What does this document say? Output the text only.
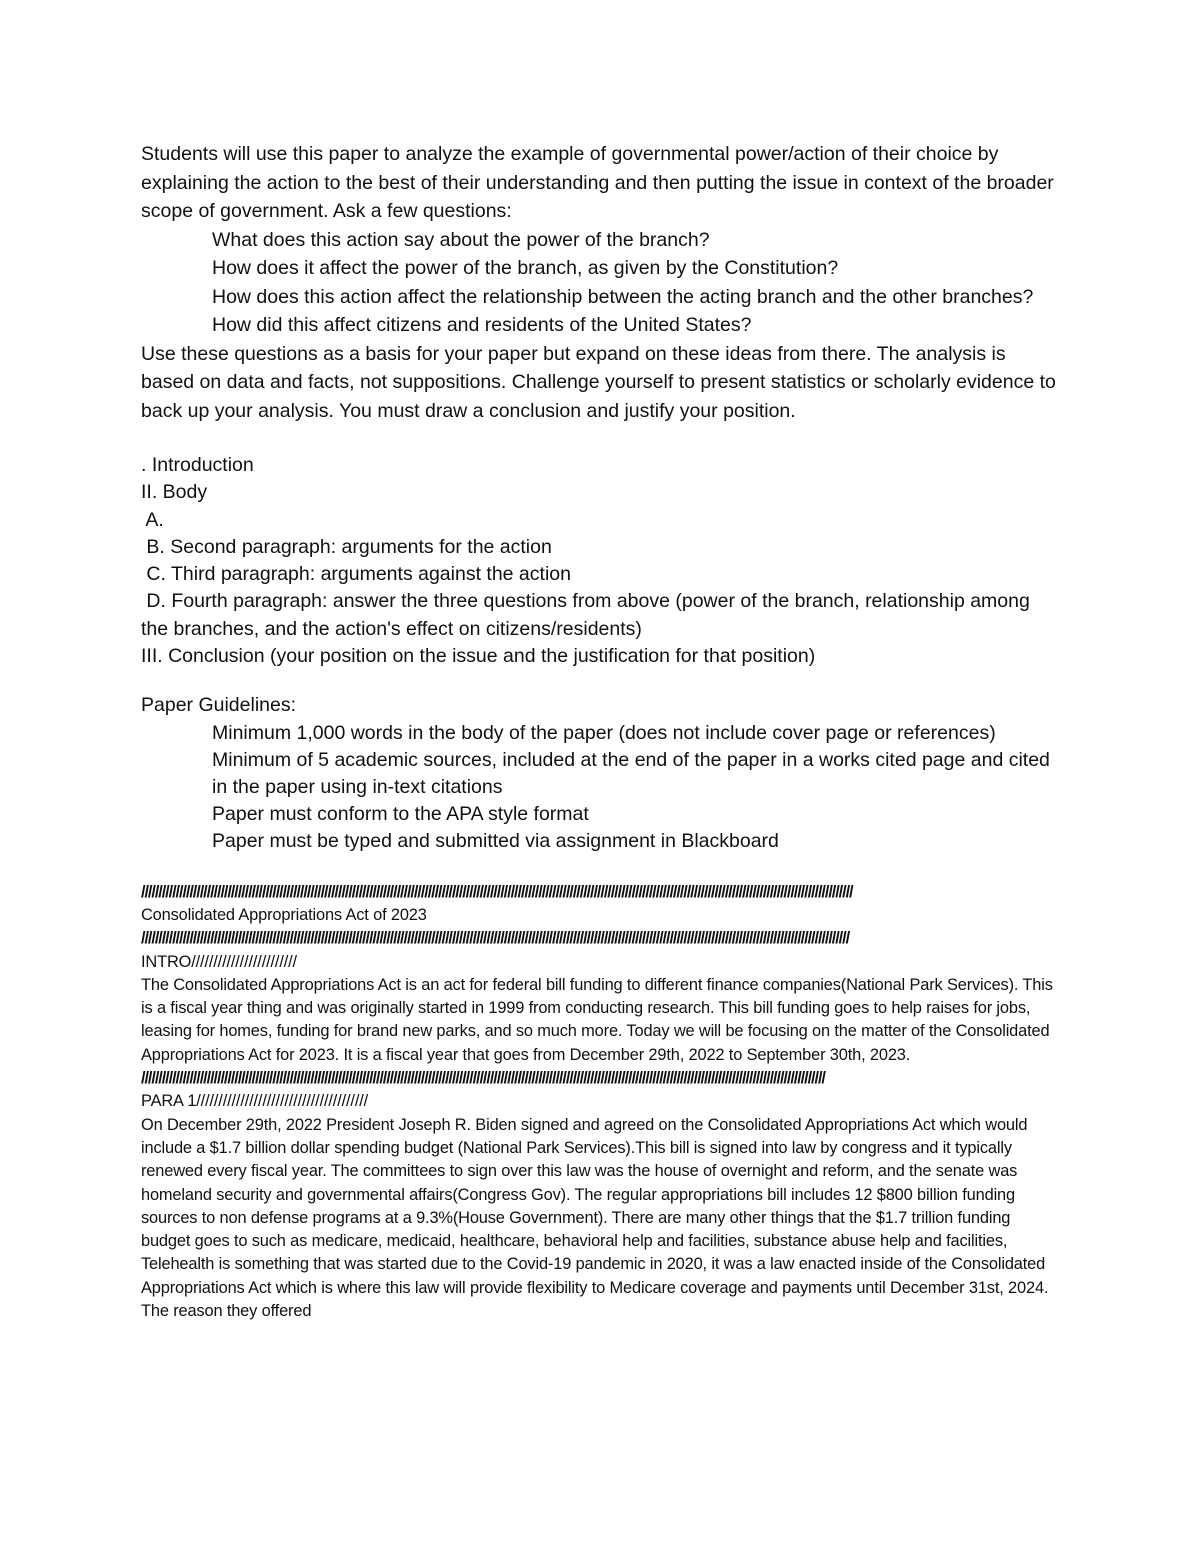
Students will use this paper to analyze the example of governmental power/action of their choice by explaining the action to the best of their understanding and then putting the issue in context of the broader scope of government. Ask a few questions:

What does this action say about the power of the branch?

How does it affect the power of the branch, as given by the Constitution?

How does this action affect the relationship between the acting branch and the other branches?

How did this affect citizens and residents of the United States?

Use these questions as a basis for your paper but expand on these ideas from there. The analysis is based on data and facts, not suppositions. Challenge yourself to present statistics or scholarly evidence to back up your analysis. You must draw a conclusion and justify your position.

. Introduction

II. Body

A.

B. Second paragraph: arguments for the action

C. Third paragraph: arguments against the action

D. Fourth paragraph: answer the three questions from above (power of the branch, relationship among the branches, and the action's effect on citizens/residents)

III. Conclusion (your position on the issue and the justification for that position)

Paper Guidelines:

Minimum 1,000 words in the body of the paper (does not include cover page or references)

Minimum of 5 academic sources, included at the end of the paper in a works cited page and cited in the paper using in-text citations

Paper must conform to the APA style format

Paper must be typed and submitted via assignment in Blackboard

//////////////////////////////////////////////////////////////////////////////////////////////////////////////////////////////////////////////////////////////////////////////////////////////////////////////

Consolidated Appropriations Act of 2023

/////////////////////////////////////////////////////////////////////////////////////////////////////////////////////////////////////////////////////////////////////////////////////////////////////////////

INTRO////////////////////////

The Consolidated Appropriations Act is an act for federal bill funding to different finance companies(National Park Services). This is a fiscal year thing and was originally started in 1999 from conducting research. This bill funding goes to help raises for jobs, leasing for homes, funding for brand new parks, and so much more. Today we will be focusing on the matter of the Consolidated Appropriations Act for 2023. It is a fiscal year that goes from December 29th, 2022 to September 30th, 2023.

//////////////////////////////////////////////////////////////////////////////////////////////////////////////////////////////////////////////////////////////////////////////////////////////////////

PARA 1///////////////////////////////////////

On December 29th, 2022 President Joseph R. Biden signed and agreed on the Consolidated Appropriations Act which would include a $1.7 billion dollar spending budget (National Park Services).This bill is signed into law by congress and it typically renewed every fiscal year. The committees to sign over this law was the house of overnight and reform, and the senate was homeland security and governmental affairs(Congress Gov). The regular appropriations bill includes 12 $800 billion funding sources to non defense programs at a 9.3%(House Government). There are many other things that the $1.7 trillion funding budget goes to such as medicare, medicaid, healthcare, behavioral help and facilities, substance abuse help and facilities, Telehealth is something that was started due to the Covid-19 pandemic in 2020, it was a law enacted inside of the Consolidated Appropriations Act which is where this law will provide flexibility to Medicare coverage and payments until December 31st, 2024. The reason they offered
